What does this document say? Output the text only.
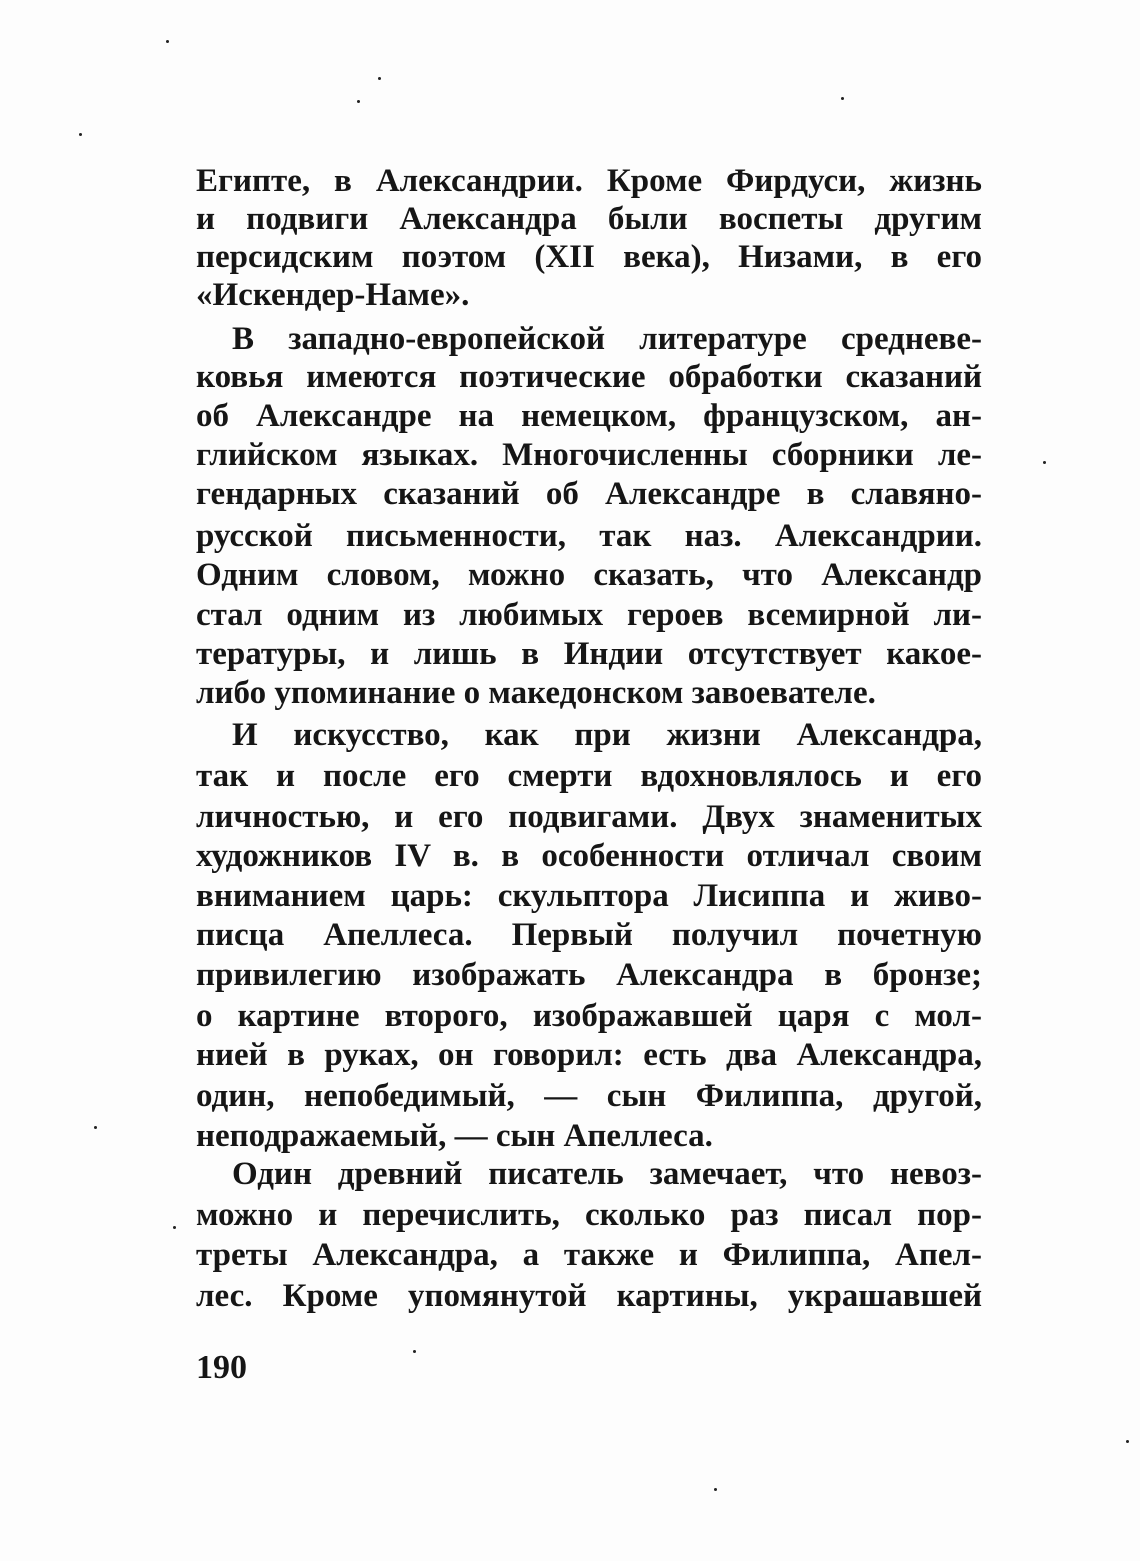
Египте, в Александрии. Кроме Фирдуси, жизнь
и подвиги Александра были воспеты другим
персидским поэтом (XII века), Низами, в его
«Искендер-Наме».
В западно-европейской литературе средневе-
ковья имеются поэтические обработки сказаний
об Александре на немецком, французском, ан-
глийском языках. Многочисленны сборники ле-
гендарных сказаний об Александре в славяно-
русской письменности, так наз. Александрии.
Одним словом, можно сказать, что Александр
стал одним из любимых героев всемирной ли-
тературы, и лишь в Индии отсутствует какое-
либо упоминание о македонском завоевателе.
И искусство, как при жизни Александра,
так и после его смерти вдохновлялось и его
личностью, и его подвигами. Двух знаменитых
художников IV в. в особенности отличал своим
вниманием царь: скульптора Лисиппа и живо-
писца Апеллеса. Первый получил почетную
привилегию изображать Александра в бронзе;
о картине второго, изображавшей царя с мол-
нией в руках, он говорил: есть два Александра,
один, непобедимый, — сын Филиппа, другой,
неподражаемый, — сын Апеллеса.
Один древний писатель замечает, что невоз-
можно и перечислить, сколько раз писал пор-
треты Александра, а также и Филиппа, Апел-
лес. Кроме упомянутой картины, украшавшей
190
